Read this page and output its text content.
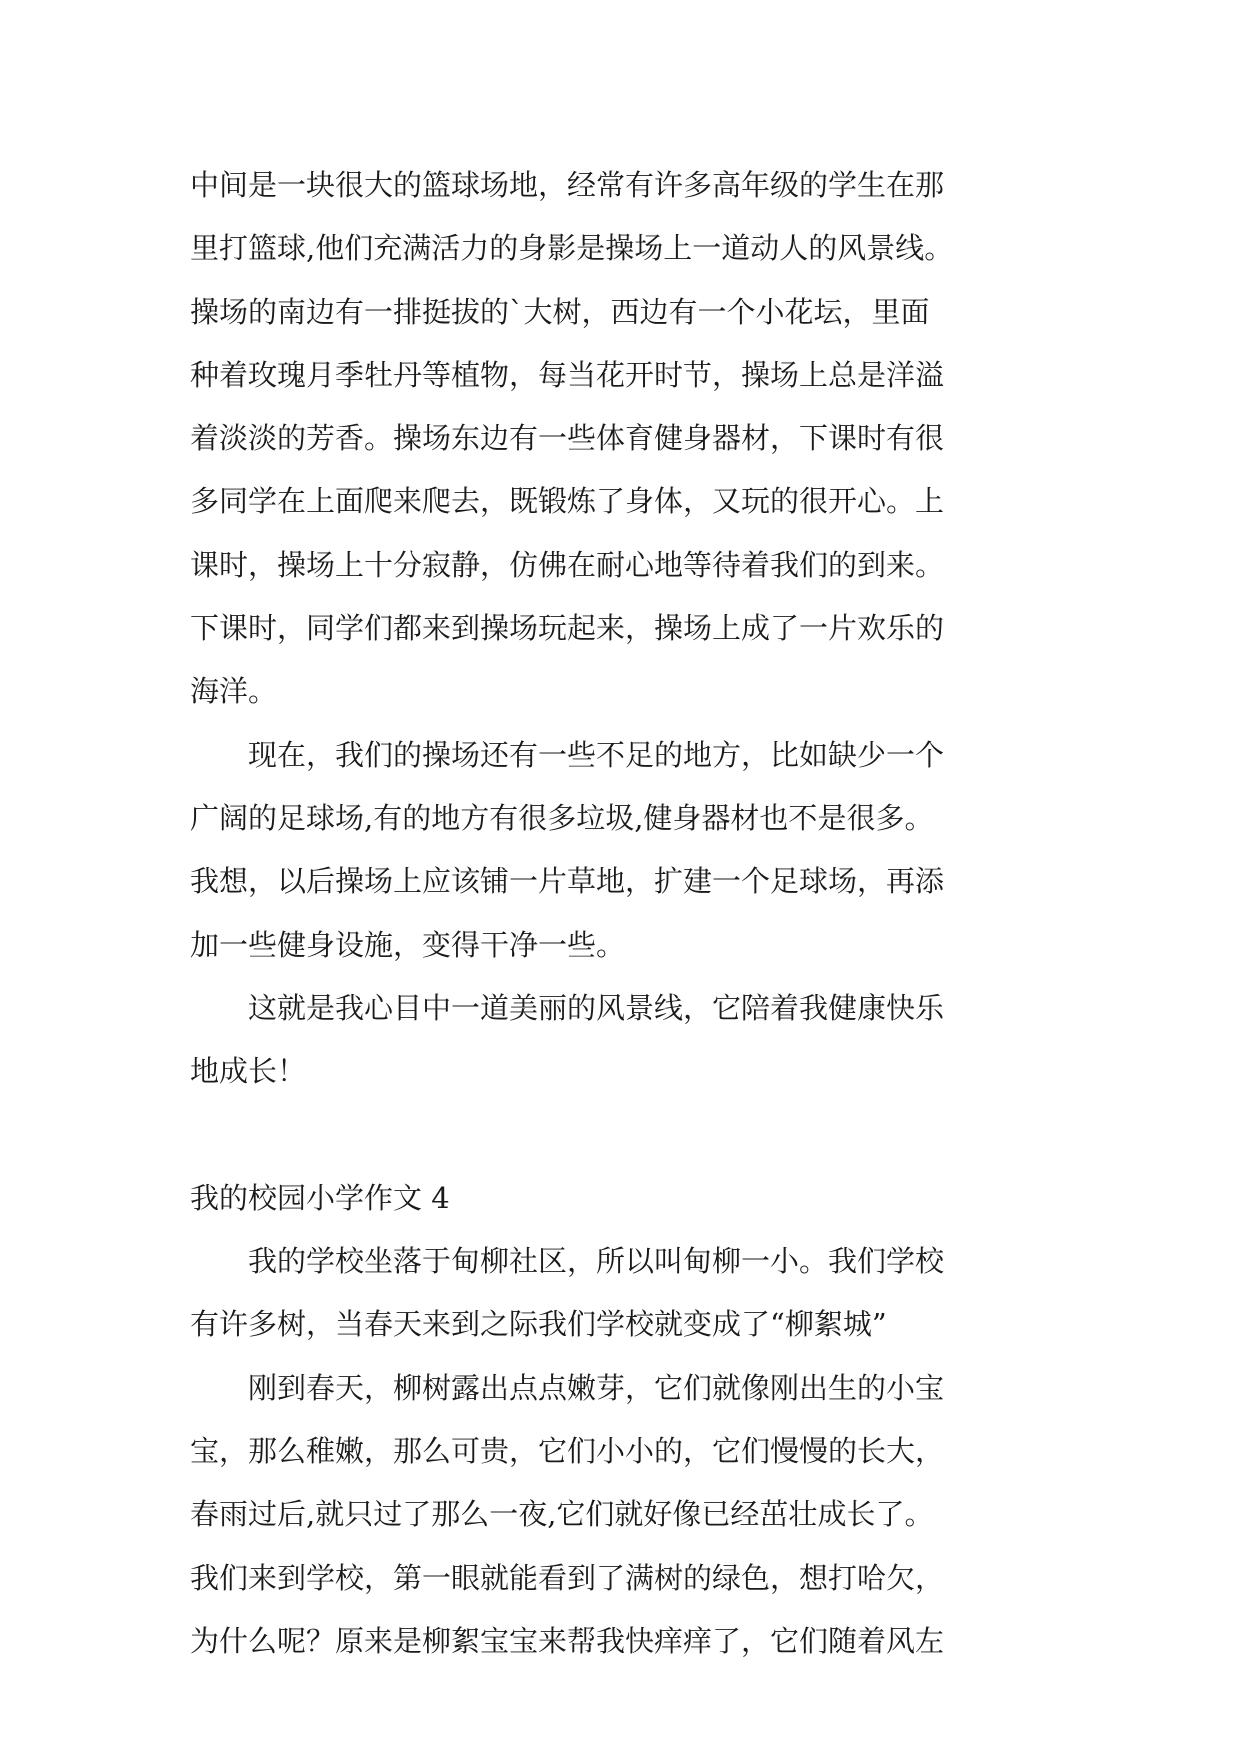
中间是一块很大的篮球场地，经常有许多高年级的学生在那
里打篮球,他们充满活力的身影是操场上一道动人的风景线。
操场的南边有一排挺拔的`大树，西边有一个小花坛，里面
种着玫瑰月季牡丹等植物，每当花开时节，操场上总是洋溢
着淡淡的芳香。操场东边有一些体育健身器材，下课时有很
多同学在上面爬来爬去，既锻炼了身体，又玩的很开心。上
课时，操场上十分寂静，仿佛在耐心地等待着我们的到来。
下课时，同学们都来到操场玩起来，操场上成了一片欢乐的
海洋。
　　现在，我们的操场还有一些不足的地方，比如缺少一个
广阔的足球场,有的地方有很多垃圾,健身器材也不是很多。
我想，以后操场上应该铺一片草地，扩建一个足球场，再添
加一些健身设施，变得干净一些。
　　这就是我心目中一道美丽的风景线，它陪着我健康快乐
地成长！
我的校园小学作文 4
　　我的学校坐落于甸柳社区，所以叫甸柳一小。我们学校
有许多树，当春天来到之际我们学校就变成了“柳絮城”
　　刚到春天，柳树露出点点嫩芽，它们就像刚出生的小宝
宝，那么稚嫩，那么可贵，它们小小的，它们慢慢的长大，
春雨过后,就只过了那么一夜,它们就好像已经茁壮成长了。
我们来到学校，第一眼就能看到了满树的绿色，想打哈欠，
为什么呢？原来是柳絮宝宝来帮我快痒痒了，它们随着风左
